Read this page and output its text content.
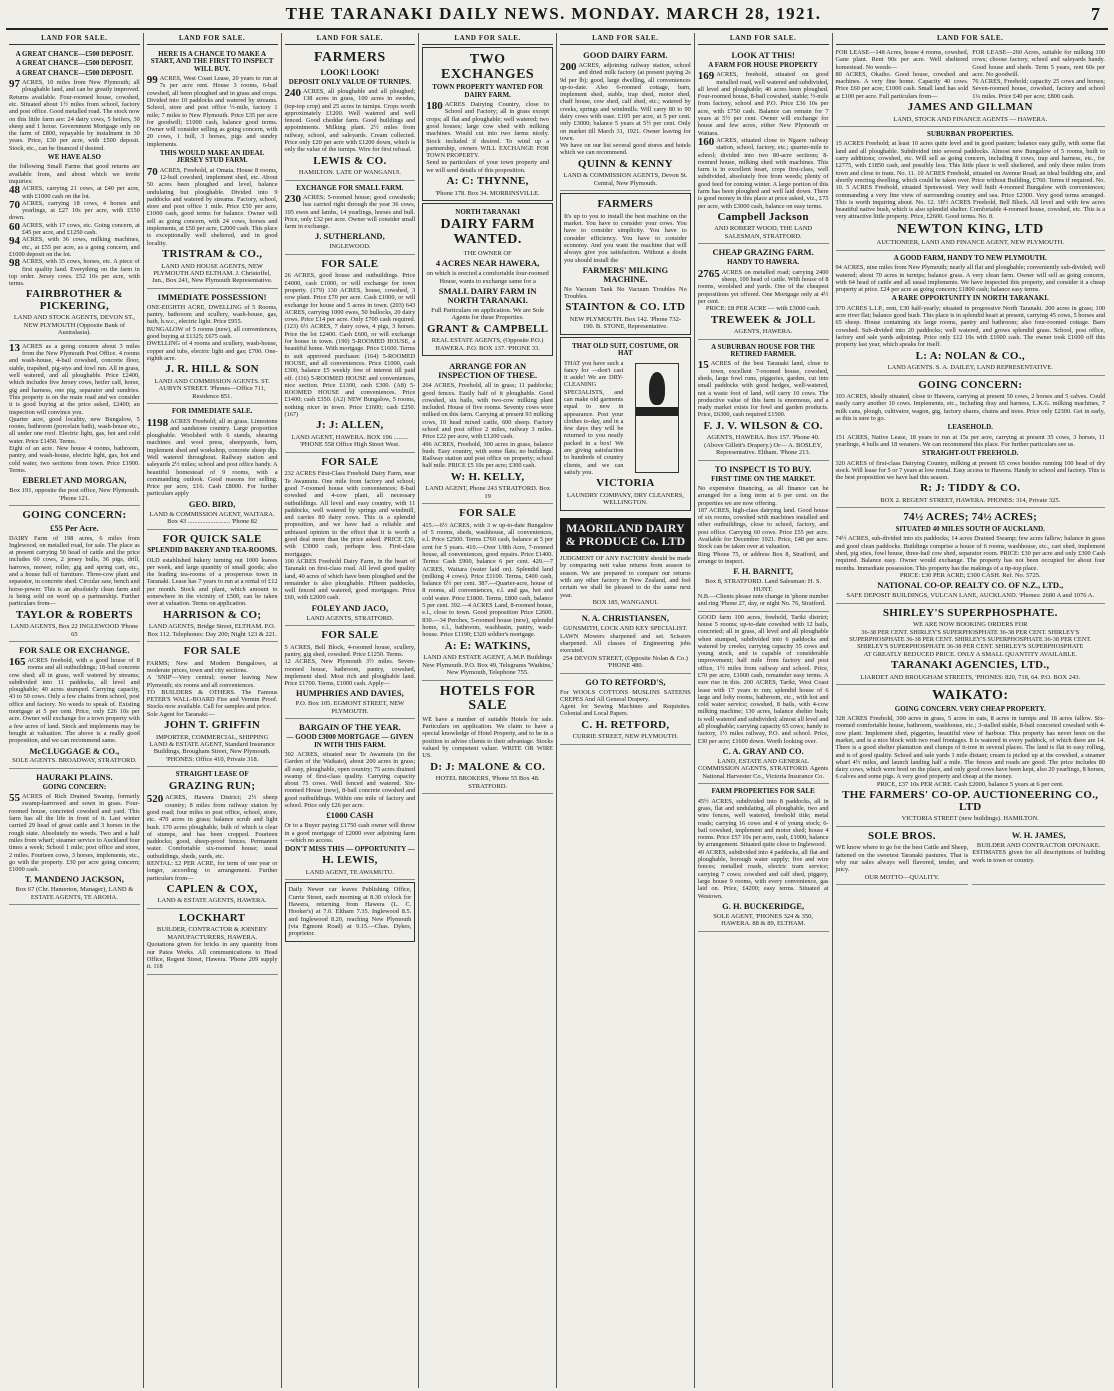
THE TARANAKI DAILY NEWS. MONDAY. MARCH 28, 1921.	7
LAND FOR SALE.
A GREAT CHANCE—£500 DEPOSIT.
A GREAT CHANCE—£500 DEPOSIT.
A GREAT CHANCE—£500 DEPOSIT.

97 ACRES, 10 miles from New Plymouth; all ploughable land, and can be greatly improved. Returns available. Four-roomed house, cowshed, etc. Situated about 1½ miles from school, factory and post office. Good metalled road. The stock now on this little farm are: 24 dairy cows, 5 heifers, 30 sheep and 1 horse. Government Mortgage only on the farm of £800, repayable by instalment in 30 years. Price, £30 per acre, with £500 deposit. Stock, etc., can be financed if desired.

WE HAVE ALSO

the following Small Farms that good returns are available from, and about which we invite inquiries:

48 ACRES, carrying 21 cows, at £40 per acre, with £1000 cash on the lot.

70 ACRES, carrying 18 cows, 4 horses and yearlings, at £27 10s per acre, with £550 down.

60 ACRES, with 17 cows, etc. Going concern, at £45 per acre, and £1250 cash.

94 ACRES, with 36 cows, milking machines, etc., at £55 per acre, as a going concern, and £1000 deposit on the lot.

98 ACRES, with 35 cows, horses, etc. A piece of first quality land. Everything on the farm in top order. Jersey cows. £52 10s per acre, with terms.

FAIRBROTHER & PICKERING,
LAND AND STOCK AGENTS, DEVON ST., NEW PLYMOUTH (Opposite Bank of Australasia).

13 ACRES as a going concern about 3 miles from the New Plymouth Post Office. 4 rooms and wash-house, 4-bail cowshed, concrete floor, stable, trapshed, pig-stys and fowl run. All in grass, well watered, and all ploughable. Price £2400, which includes five Jersey cows, heifer calf, horse, gig and harness, one pig, separator and sundries. This property is on the main road and we consider it is good buying at the price asked, £2400; an inspection will convince you.

Quarter acre, good locality, new Bungalow, 5 rooms, bathroom (porcelain bath), wash-house etc., all under one roof. Electric light, gas, hot and cold water. Price £1450. Terms.

Eight of an acre. New house 4 rooms, bathroom, pantry, and wash-house, electric light, gas, hot and cold water, two sections from town. Price £1900. Terms.

EBERLET AND MORGAN,
Box 191, opposite the post office, New Plymouth. 'Phone 121.
GOING CONCERN:
£55 Per Acre.

DAIRY Farm of 198 acres, 6 miles from Inglewood, on metalled road, for sale. The place as at present carrying 50 head of cattle and the price includes 60 cows, 2 jersey bulls, 36 pigs, drill, harrows, mower, roller, gig and spring cart, etc., and a house full of furniture. Three-cow plant and separator, in concrete shed. Circular saw, bench and horse-power. This is an absolutely clean farm and is being sold on word up a partnership. Further particulars from—

TAYLOR & ROBERTS
LAND AGENTS, Box 22 INGLEWOOD 'Phone 65
FOR SALE OR EXCHANGE.

165 ACRES freehold, with a good house of 8 rooms and all outbuildings; 18-bail concrete cow shed; all in grass, well watered by streams; subdivided into 11 paddocks, all level and ploughable; 40 acres stumped. Carrying capacity, 43 to 50 cows. Only a few chains from school, post office and factory. No weeds to speak of. Existing mortgage at 5 per cent. Price, only £26 10s per acre. Owner will exchange for a town property with a few acres of land. Stock and implements may be bought at valuation. The above is a really good proposition, and we can recommend same.

McCLUGGAGE & CO.,
SOLE AGENTS. BROADWAY, STRATFORD.
HAURAKI PLAINS.
GOING CONCERN:

55 ACRES of Rich Drained Swamp, formerly swamp-harrowed and sown in grass. Four-roomed house, concreted cowshed and yard. This farm has all the life in front of it. Last winter carried 29 head of great cattle and 3 horses in the rough state. Absolutely no weeds. Two and a half miles from wharf; steamer service to Auckland four times a week; School 1 mile; post office and store, 2 miles. Fourteen cows, 3 horses, implements, etc., go with the property. £30 per acre going concern; £1000 cash.

T. MANDENO JACKSON,
Box 67 (Chr. Hamerton, Manager), LAND & ESTATE AGENTS, TE AROHA.
LAND FOR SALE.
HERE IS A CHANCE TO MAKE A START, AND THE FIRST TO INSPECT WILL BUY.

99 ACRES, West Coast Lease, 20 years to run at 7s per acre rent. House 3 rooms, 6-bail cowshed, all been ploughed and in grass and crops. Divided into 10 paddocks and watered by streams. School, store and post office ½-mile, factory 1 mile; 7 miles to New Plymouth. Price £35 per acre for goodwill; £1000 cash, balance good terms. Owner will consider selling as going concern, with 20 cows, 1 bull, 3 horses, pigs and sundry implements.

THIS WOULD MAKE AN IDEAL JERSEY STUD FARM.

70 ACRES, Freehold, at Omata. House 8 rooms, 12-bail cowshed, implement shed, etc. About 50 acres been ploughed and level, balance undulating but ploughable. Divided into 9 paddocks and watered by streams. Factory, school, store and post office 1 mile. Price £50 per acre, £1000 cash, good terms for balance. Owner will sell as going concern, with 24 cows, horses and implements, at £50 per acre, £2000 cash. This place is exceptionally well sheltered, and in good locality.

TRISTRAM & CO.,
LAND AND HOUSE AGENTS, NEW PLYMOUTH AND ELTHAM. J. Christoffel, Jun., Box 241, New Plymouth Representative.
IMMEDIATE POSSESSION!

ONE-EIGHTH ACRE, DWELLING of 5 Rooms, pantry, bathroom and scullery, wash-house, gas, bath, h.w.c., electric light. Price £955.

BUNGALOW of 5 rooms (new), all conveniences, good buying at £1325; £675 cash.

DWELLING of 4 rooms and scullery, wash-house, copper and tubs, electric light and gas; £700. One-eighth acre.

J. R. HILL & SON
LAND AND COMMISSION AGENTS. ST. AUBYN STREET. 'Phones—Office 711, Residence 851.
FOR IMMEDIATE SALE.

1198 ACRES Freehold; all in grass. Limestone and sandstone country. Large proportion ploughable. Woolshed with 6 stands, shearing machines and wool press, sheepyards, barn, implement shed and workshop, concrete sheep dip. Well watered throughout. Railway station and saleyards 2½ miles; school and post office handy. A beautiful homestead of 9 rooms, with a commanding outlook. Good reasons for selling. Price per acre, £16. Cash £8000. For further particulars apply

GEO. BIRD,
LAND & COMMISSION AGENT, WAITARA.
Box 43 .......................... 'Phone 82
FOR QUICK SALE
SPLENDID BAKERY AND TEA-ROOMS.

OLD established bakery turning out 1000 loaves per week, and large quantity of small goods; also the leading tea-rooms of a prosperous town in Taranaki. Lease has 7 years to run at a rental of £12 per month. Stock and plant, which amount to somewhere in the vicinity of £500, can be taken over at valuation. Terms on application.

HARRISON & CO;
LAND AGENTS, Bridge Street, ELTHAM. P.O. Box 112. Telephones: Day 200; Night 123 & 221.
FOR SALE

FARMS; New and Modern Bungalows, at moderate prices, town and city sections.

A 'SNIP'—Very central; owner leaving New Plymouth; six rooms and all conveniences.

TO BUILDERS & OTHERS. The Famous PETER'S WALL-BOARD Fire and Vermin Proof. Stocks now available. Call for samples and price.

Sole Agent for Taranaki:—

JOHN T. GRIFFIN
IMPORTER, COMMERCIAL, SHIPPING LAND & ESTATE AGENT, Standard Insurance Buildings, Brougham Street, New Plymouth. 'PHONES: Office 410, Private 318.
STRAIGHT LEASE OF
GRAZING RUN;

520 ACRES, Hawera District; 2½ sheep country; 8 miles from railway station by good road; four miles to post office, school, store, etc. 470 acres in grass; balance scrub and light bush. 170 acres ploughable, bulk of which is clear of stumps, and has been cropped. Fourteen paddocks; good, sheep-proof fences. Permanent water. Comfortable six-roomed house; usual outbuildings, sheds, yards, etc.

RENTAL: £2 PER ACRE, for term of one year or longer, according to arrangement. Further particulars from—

CAPLEN & COX,
LAND & ESTATE AGENTS, HAWERA.
LOCKHART
BUILDER, CONTRACTOR & JOINERY MANUFACTURERS, HAWERA.

Quotations given for bricks in any quantity from our Patea Works. All communications to Head Office, Regent Street, Hawera. 'Phone 209 supply it. 118

LAND FOR SALE.
FARMERS
LOOK! LOOK!
DEPOSIT ONLY VALUE OF TURNIPS.

240 ACRES, all ploughable and all ploughed; 138 acres in grass, 100 acres in swedes, (top-top crop) and 25 acres in turnips. Crops worth approximately £1200. Well watered and well fenced. Good cheddar farm. Good buildings and appointments. Milking plant. 2½ miles from railway, school, and saleyards. Cream collected. Price only £20 per acre with £1200 down, which is only the value of the turnips. Wire for first refusal.

LEWIS & CO.
HAMILTON. LATE OF WANGANUI.
EXCHANGE FOR SMALL FARM.

230 ACRES; 5-roomed house; good cowsheds; has carried right through the year 36 cows, 105 ewes and lambs, 14 yearlings, horses and bull. Price, only £32 per acre. Owner will consider small farm in exchange.

J. SUTHERLAND,
INGLEWOOD.
FOR SALE

26 ACRES, good house and outbuildings. Price £4000, cash £1000, or will exchange for town property. (179) 130 ACRES, house, cowshed, 3 cow plant. Price £70 per acre. Cash £1000, or will exchange for house and 5 acres in town. (203) 643 ACRES, carrying 1000 ewes, 50 bullocks, 20 dairy cows. Price £14 per acre. Only £700 cash required. (123) 6½ ACRES, 7 dairy cows, 4 pigs, 3 horses. Price the lot £2400. Cash £600, or will exchange for house in town. (190) 5-ROOMED HOUSE, a beautiful home. With mortgage. Price £1600. Terms to suit approved purchaser. (164) 5-ROOMED HOUSE, and all conveniences. Price £1000, cash £300, balance £5 weekly free of interest till paid off. (116) 5-ROOMED HOUSE and conveniences, nice section. Price £1300, cash £300. (A8) 5-ROOMED HOUSE and conveniences. Price £1400; cash £350. (A2) NEW Bungalow, 5 rooms, nothing nicer in town. Price £1600; cash £250. (167)

J: J: ALLEN,
LAND AGENT, HAWERA. BOX 196 ......... 'PHONE 558 Office High Street West.
FOR SALE

232 ACRES First-Class Freehold Dairy Farm, near Te Awamutu. One mile from factory and school; good 7-roomed house with conveniences; 8-bail cowshed and 4-cow plant, all necessary outbuildings. All level and easy country, with 11 paddocks, well watered by springs and windmill, and carries 80 dairy cows. This is a splendid proposition, and we have had a reliable and unbiased opinion to the effect that it is worth a good deal more than the price asked. PRICE £36, with £3000 cash, perhaps less. First-class mortgages.

100 ACRES Freehold Dairy Farm, in the heart of Taranaki on first-class road. All level good quality land, 40 acres of which have been ploughed and the remainder is also ploughable. Fifteen paddocks, well fenced and watered, good mortgages. Price £60, with £2000 cash.

FOLEY AND JACO,
LAND AGENTS, STRATFORD.
FOR SALE

5 ACRES, Bell Block, 4-roomed house, scullery, pantry, gig shed, cowshed. Price £1250. Terms.

12 ACRES, New Plymouth 3½ miles. Seven-roomed house, bathroom, pantry, cowshed, implement shed. Most rich and ploughable land. Price £1700. Terms, £1000 cash. Apply—

HUMPHRIES AND DAVIES,
P.O. Box 105. EGMONT STREET, NEW PLYMOUTH.
BARGAIN OF THE YEAR.
— GOOD £3000 MORTGAGE — GIVEN IN WITH THIS FARM.

302 ACRES, situated near Te Awamutu (in the Garden of the Waikato), about 200 acres in grass; all easy, ploughable, open country; 75 acres drained swamp of first-class quality. Carrying capacity about 75 cows. Well fenced and watered. Six-roomed House (new), 8-bail concrete cowshed and good outbuildings. Within one mile of factory and school. Price only £26 per acre.

£1000 CASH

Or to a Buyer paying £1750 cash owner will throw in a good mortgage of £2000 over adjoining farm —which no access.

DON'T MISS THIS — OPPORTUNITY —
H. LEWIS,
LAND AGENT, TE AWAMUTU.

Daily Newer car leaves Publishing Office, Currie Street, each morning at 8.30 o'clock for Hawera, returning from Hawera (L. C. Hooker's) at 7.0. Eltham 7.35. Inglewood 8.5. and Inglewood 8.20, reaching New Plymouth (via Egmont Road) at 9.15.—Chas. Dykes, proprietor.

LAND FOR SALE.
TWO EXCHANGES
TOWN PROPERTY WANTED FOR DAIRY FARM.

180 ACRES Dairying Country, close to School and Factory; all in grass except crops; all flat and ploughable; well watered; two good houses; large cow shed with milking machines. Would cut into two farms nicely. Stock included if desired. To wind up a partnership, owners WILL EXCHANGE FOR TOWN PROPERTY.

Send us particulars of your town property and we will send details of this proposition.

A: C: THYNNE,
'Phone 178. Box 34. MORRINSVILLE.
NORTH TARANAKI
DAIRY FARM WANTED.
THE OWNER OF
4 ACRES NEAR HAWERA,
on which is erected a comfortable four-roomed House, wants to exchange same for a
SMALL DAIRY FARM IN NORTH TARANAKI.
Full Particulars on application. We are Sole Agents for these Properties.
GRANT & CAMPBELL
REAL ESTATE AGENTS, (Opposite P.O.) HAWERA. P.O. BOX 137. 'PHONE 33.
ARRANGE FOR AN INSPECTION OF THESE.

264 ACRES, Freehold, all in grass; 11 paddocks; good fences. Easily half of it ploughable. Good cowshed, six bails, with two-cow milking plant included. House of five rooms. Seventy cows were milked on this farm. Carrying at present 93 milking cows, 10 head mixed cattle, 600 sheep. Factory school and post office 2 miles, railway 3 miles. Price £22 per acre, with £1200 cash.

496 ACRES, Freehold, 300 acres in grass, balance bush. Easy country, with some flats; no buildings. Railway station and post office on property; school half mile. PRICE £5 10s per acre; £300 cash.

W: H. KELLY,
LAND AGENT, Phone 243 STRATFORD. Box 19
FOR SALE

415.—6½ ACRES, with 3 w up-to-date Bungalow of 5 rooms, sheds, washhouse, all conveniences, e.l. Price £2500. Terms £760 cash, balance at 5 per cent for 5 years. 410.—Over 1/8th Acre, 7-roomed house, all conveniences, good repairs. Price £1400. Terms: Cash £900, balance 6 per cent. 420.—7 ACRES, Waitara (water laid on). Splendid land (milking 4 cows). Price £1100. Terms, £400 cash, balance 6½ per cent. 387.—Quarter-acre, house of 8 rooms, all conveniences, e.l. and gas, hot and cold water. Price £1800. Terms, £800 cash, balance 5 per cent. 392.—4 ACRES Land, 8-roomed house, e.l., close to town. Good proposition Price £2600. 830.—34 Perches, 5-roomed house (new), splendid home, e.l., bathroom, washbasin, pantry, wash-house. Price £1190; £320 soldier's mortgage.

A: E: WATKINS,
LAND AND ESTATE AGENT, A.M.P. Buildings New Plymouth. P.O. Box 49, Telegrams 'Watkins,' New Plymouth, Telephone 755.
HOTELS FOR SALE

WE have a number of suitable Hotels for sale. Particulars on application. We claim to have a special knowledge of Hotel Property, and to be in a position to advise clients to their advantage. Stocks valued by competent valuer. WRITE OR WIRE US.

D: J: MALONE & CO.
HOTEL BROKERS, 'Phone 55 Box 48. STRATFORD.
LAND FOR SALE.
GOOD DAIRY FARM.

200 ACRES, adjoining railway station, school and dried milk factory (at present paying 2s 9d per lb); good, large dwelling, all conveniences up-to-date. Also 6-roomed cottage, barn, implement shed, stable, trap shed, motor shed, chaff house, cow shed, calf shed, etc.; watered by creeks, springs and windmills. Will carry 80 to 90 dairy cows with ease. £105 per acre, at 5 per cent. only £3000; balance 5 years at 5½ per cent. Only on market till March 31, 1921. Owner leaving for town.

We have on our list several good stores and hotels which we can recommend.

QUINN & KENNY
LAND & COMMISSION AGENTS, Devon St. Central, New Plymouth.
FARMERS

It's up to you to install the best machine on the market. You have to consider your cows. You have to consider simplicity. You have to consider efficiency. You have to consider economy. And you want the machine that will always give you satisfaction. Without a doubt you should install the

FARMERS' MILKING MACHINE.

No Vacuum Tank No Vacuum Troubles No Troubles.

STAINTON & CO. LTD
NEW PLYMOUTH. Box 142. 'Phone 732-190. B. STONE, Representative.
THAT OLD SUIT, COSTUME, OR HAT

THAT you have such a fancy for —don't cast it aside! We are DRY-CLEANING SPECIALISTS, and can make old garments equal to new in appearance. Post your clothes to-day, and in a few days they will be returned to you neatly packed in a box! We are giving satisfaction to hundreds of country clients, and we can satisfy you.

VICTORIA
LAUNDRY COMPANY, DRY CLEANERS, WELLINGTON.
MAORILAND DAIRY & PRODUCE Co. LTD

JUDGMENT OF ANY FACTORY should be made by comparing nett value returns from season to season. We are prepared to compare our returns with any other factory in New Zealand, and feel certain we shall be pleased to do the same next year.

BOX 185, WANGANUI.
N. A. CHRISTIANSEN,
GUNSMITH, LOCK AND KEY SPECIALIST.

LAWN Mowers sharpened and set. Scissors sharpened. All classes of Engineering jobs executed.

254 DEVON STREET, (Opposite Nolan & Co.) 'PHONE 480.
GO TO RETFORD'S,

For WOOLS COTTONS MUSLINS SATEENS CREPES And All General Drapery.

Agent for Sewing Machines and Requisites. Colonial and Local Papers.

C. H. RETFORD,
CURRIE STREET, NEW PLYMOUTH.
LAND FOR SALE.
LOOK AT THIS!
A FARM FOR HOUSE PROPERTY

169 ACRES, freehold, situated on good metalled road, well watered and subdivided, all level and ploughable; 40 acres been ploughed. Four-roomed house, 8-bail cowshed, stable; ½-mile from factory, school and P.O. Price £36 10s per acre, with £750 cash. Balance can remain for 7 years at 5½ per cent. Owner will exchange for house and few acres, either New Plymouth or Waitara.

160 ACRES, situated close to Ngaere railway station, school, factory, etc.; quarter-mile to school; divided into two 80-acre sections; 8-roomed house, milking shed with machines. This farm is in excellent heart, crops first-class, well subdivided, absolutely free from weeds; plenty of good feed for coming winter. A large portion of this farm has been ploughed and well laid down. There is good money in this place at price asked, viz., £75 per acre, with £3000 cash, balance on easy terms.

Campbell Jackson
AND ROBERT WOOD, THE LAND SALESMAN, STRATFORD.
CHEAP GRAZING FARM.
HANDY TO HAWERA.

2765 ACRES on metalled road; carrying 2400 sheep, 100 head of cattle. With house of 8 rooms, woolshed and yards. One of the cheapest propositions yet offered. One Mortgage only at 4½ per cent.

PRICE: £8 PER ACRE — with £3000 cash.
TREWEEK & JOLL
AGENTS, HAWERA.
A SUBURBAN HOUSE FOR THE RETIRED FARMER.

15 ACRES of the best Taranaki land, close to town, excellent 7-roomed house, cowshed, sheds, large fowl runs, piggeries, garden, cut into small paddocks with good hedges, well-watered, not a waste foot of land, will carry 10 cows. The productive value of this farm is enormous, and a ready market exists for fowl and garden products. Price, £6300, cash required £1500.

F. J. V. WILSON & CO.
AGENTS, HAWERA. Box 157. 'Phone 40. (Above Gillett's Drapery.) Or— A. BOSLEY, Representative. Eltham. 'Phone 213.
TO INSPECT IS TO BUY.
FIRST TIME ON THE MARKET.

No expensive financing, as all finance can be arranged for a long term at 6 per cent. on the properties we are now offering.

187 ACRES, high-class dairying land. Good house of six rooms, cowshed with machines installed and other outbuildings, close to school, factory, and post office. Carrying 60 cows. Price £55 per acre. Available for December 1921. Price, £48 per acre. Stock can be taken over at valuation.

Ring 'Phone 75, or address Box 8, Stratford, and arrange to inspect.

F. H. BARNITT,
Box 8, STRATFORD. Land Salesman: H. S. HUNT.

N.B.—Clients please note change in 'phone number and ring 'Phone 27, day, or night No. 76, Stratford.

GOOD farm 100 acres, freehold, Tariki district; house 5 rooms; up-to-date cowshed with 12 bails, concreted; all in grass, all level and all ploughable when stumped, subdivided into 6 paddocks and watered by creeks; carrying capacity 35 cows and young stock, and is capable of considerable improvement; half mile from factory and post office, 1½ miles from railway and school. Price, £70 per acre, £1000 cash, remainder easy terms. A sure rise in this. 200 ACRES, Tariki, West Coast lease with 17 years to run; splendid house of 6 large and lofty rooms, bathroom, etc., with hot and cold water service; cowshed, 8 bails, with 4-cow milking machine; 130 acres, balance shelter bush; is well watered and subdivided; almost all level and all ploughable; carrying capacity 65 cows; handy to factory, 1½ miles railway, P.O. and school. Price, £30 per acre; £1600 down. Worth looking over.

C. A. GRAY AND CO.
LAND, ESTATE AND GENERAL COMMISSION AGENTS, STRATFORD. Agents National Harvester Co., Victoria Insurance Co.
FARM PROPERTIES FOR SALE

45½ ACRES, subdivided into 8 paddocks, all in grass, flat and undulating, all ploughable, two and wire fences, well watered, freehold title; metal roads; carrying 16 cows and 4 of young stock; 6-bail cowshed, implement and motor shed; house 4 rooms. Price £57 10s per acre, cash, £1000, balance by arrangement. Situated quite close to Inglewood.

49 ACRES, subdivided into 4 paddocks, all flat and ploughable, borough water supply; five and wire fences; metalled roads, electric tram service; carrying 7 cows; cowshed and calf shed, piggery, large house 9 rooms, with every convenience, gas laid on. Price, £4200; easy terms. Situated at Westown.

G. H. BUCKERIDGE,
SOLE AGENT, 'PHONES 324 & 350, HAWERA. 88 & 89, ELTHAM.
LAND FOR SALE.

FOR LEASE—148 Acres, house 4 rooms, cowshed, Gane plant. Rent 90s per acre. Well sheltered homestead. No weeds—

80 ACRES, Okaiho. Good house, cowshed and machines. A very fine home. Capacity 40 cows. Price £60 per acre; £1000 cash. Small land has sold at £100 per acre. Full particulars from—

FOR LEASE—260 Acres, suitable for milking 100 cows; choose factory, school and saleyards handy. Good house and sheds. Term 5 years, rent 60s per acre. No goodwill.

76 ACRES, Freehold; capacity 25 cows and horses; Seven-roomed house, cowshed, factory and school 1¼ miles. Price £40 per acre; £800 cash.

JAMES AND GILLMAN
LAND, STOCK AND FINANCE AGENTS — HAWERA.
SUBURBAN PROPERTIES.

15 ACRES Freehold; at least 10 acres quite level and in good pasture; balance easy gully, with some flat land and all ploughable. Subdivided into several paddocks. Almost new Bungalow of 5 rooms, built to carry additions; cowshed, etc. Will sell as going concern, including 8 cows, trap and harness, etc., for £2775, with £1850 cash, and possibly less. This little place is well sheltered, and only three miles from town and close to tram. No. 11. 10 ACRES Freehold, situated on Avenue Road; an ideal building site, and shortly erecting dwelling, which could be taken over. Price without Building, £760. Terms if required. No. 10. 5 ACRES Freehold, situated Spotswood. Very well built 4-roomed Bungalow with conveniences; commanding a very fine view of surrounding country and sea. Price £2300. Very good terms arranged. This is worth inquiring about. No. 12. 18½ ACRES Freehold, Bell Block. All level and with few acres beautiful native bush, which is also splendid shelter. Comfortable 4-roomed house, cowshed, etc. This is a very attractive little property. Price, £2600. Good terms. No. 8.

NEWTON KING, LTD
AUCTIONEER, LAND AND FINANCE AGENT, NEW PLYMOUTH.
A GOOD FARM, HANDY TO NEW PLYMOUTH.

94 ACRES, nine miles from New Plymouth; nearly all flat and ploughable; conveniently sub-divided; well watered; about 70 acres in turnips; balance grass. A very clean farm. Owner will sell as going concern, with 64 head of cattle and all usual implements. We have inspected this property, and consider it a cheap property at price. £24 per acre as going concern; £1800 cash; balance easy terms.

A RARE OPPORTUNITY IN NORTH TARANAKI.

370 ACRES L.I.P., rent, £30 half-yearly; situated in progressive North Taranaki. 200 acres in grass; 100 acre river flat; balance good bush. This place is in splendid heart at present, carrying 45 cows, 5 horses and 65 sheep. House containing six large rooms, pantry and bathroom; also four-roomed cottage. Barn cowshed. Sub-divided into 20 paddocks; well watered, and grows splendid grass. School, post office, factory and sale yards adjoining. Price only £12 10s with £1000 cash. The owner took £1600 off this property last year, which speaks for itself.

L: A: NOLAN & CO.,
LAND AGENTS. S. A. DAILEY, LAND REPRESENTATIVE.
GOING CONCERN:

103 ACRES, ideally situated, close to Hawera, carrying at present 50 cows, 2 horses and 5 calves. Could easily carry another 10 cows. Implements, etc., including dray and harness, L.K.G. milking machines, 7 milk cans, plough, cultivator, wagon, gig, factory shares, chains and trees. Price only £2300. Get in early, as this is sure to go.

LEASEHOLD.

151 ACRES, Native Lease, 18 years to run at 15s per acre, carrying at present 35 cows, 3 horses, 11 yearlings, 4 bulls and 18 weaners. We can recommend this place. For further particulars see us.

STRAIGHT-OUT FREEHOLD.

320 ACRES of first-class Dairying Country, milking at present 65 cows besides running 100 head of dry stock. Will lease for 5 or 7 years at low rental. Easy access to Hawera. Handy to school and factory. This is the best proposition we have had this season.

R: J: TIDDY & CO.
BOX 2. REGENT STREET, HAWERA. PHONES: 314, Private 325.
74½ ACRES; 74½ ACRES;
SITUATED 40 MILES SOUTH OF AUCKLAND.

74½ ACRES, sub-divided into six paddocks; 14 acres Drained Swamp; few acres fallow; balance in grass and good clean paddocks. Buildings comprise a house of 6 rooms, washhouse, etc., cart shed, implement shed, pig sties, fowl house, three-bail cow shed, separator room. PRICE: £30 per acre and only £300 Cash required. Balance easy. Owner would exchange. The property has not been occupied for about four months. Immediate possession. This property has the makings of a tip-top place.

PRICE: £30 PER ACRE; £300 CASH. Ref. No. 5725.
NATIONAL CO-OP. REALTY CO. OF N.Z., LTD.,
SAFE DEPOSIT BUILDINGS, VULCAN LANE, AUCKLAND. 'Phones: 2680 A and 1076 A.
SHIRLEY'S SUPERPHOSPHATE.
WE ARE NOW BOOKING ORDERS FOR

36-38 PER CENT. SHIRLEY'S SUPERPHOSPHATE 36-38 PER CENT. SHIRLEY'S SUPERPHOSPHATE 36-38 PER CENT. SHIRLEY'S SUPERPHOSPHATE 36-38 PER CENT. SHIRLEY'S SUPERPHOSPHATE 36-38 PER CENT. SHIRLEY'S SUPERPHOSPHATE

AT GREATLY REDUCED PRICE. ONLY A SMALL QUANTITY AVAILABLE.
TARANAKI AGENCIES, LTD.,
LIARDET AND BROUGHAM STREETS, 'PHONES: 820, 718, 64. P.O. BOX 243.
WAIKATO:
GOING CONCERN. VERY CHEAP PROPERTY.

328 ACRES Freehold, 300 acres in grass, 5 acres in oats, 8 acres in turnips and 18 acres fallow. Six-roomed comfortable house, bathroom, washhouse, etc.; 3-stalled stable, 8-bail concreted cowshed with 4-cow plant. Implement shed, piggeries, beautiful view of harbour. This property has never been on the market, and is a nice block with two road frontages. It is watered in every paddock, of which there are 14. There is a good shelter plantation and clumps of ti-tree in several places. The land is flat to easy rolling, and is of good quality. School and sale yards 1 mile distant; cream is picked up at the cowshed, a steamer wharf 4½ miles, and launch landing half a mile. The fences and roads are good. The price includes 80 dairy cows, which were bred on the place, and only good cows have been kept, also 20 yearlings, 8 horses, 6 calves and some pigs. A very good property and cheap at the money.

PRICE, £37 10s PER ACRE. Cash £2000, balance 5 years at 6 per cent.
THE FARMERS' CO-OP. AUCTIONEERING CO., LTD
VICTORIA STREET (new buildings). HAMILTON.
SOLE BROS.

WE know where to go for the best Cattle and Sheep, fattened on the sweetest Taranaki pastures. That is why our sales always well flavored, tender, and juicy.

OUR MOTTO—QUALITY.
W. H. JAMES,
BUILDER AND CONTRACTOR OPUNAKE.

ESTIMATES given for all descriptions of building work in town or country.
